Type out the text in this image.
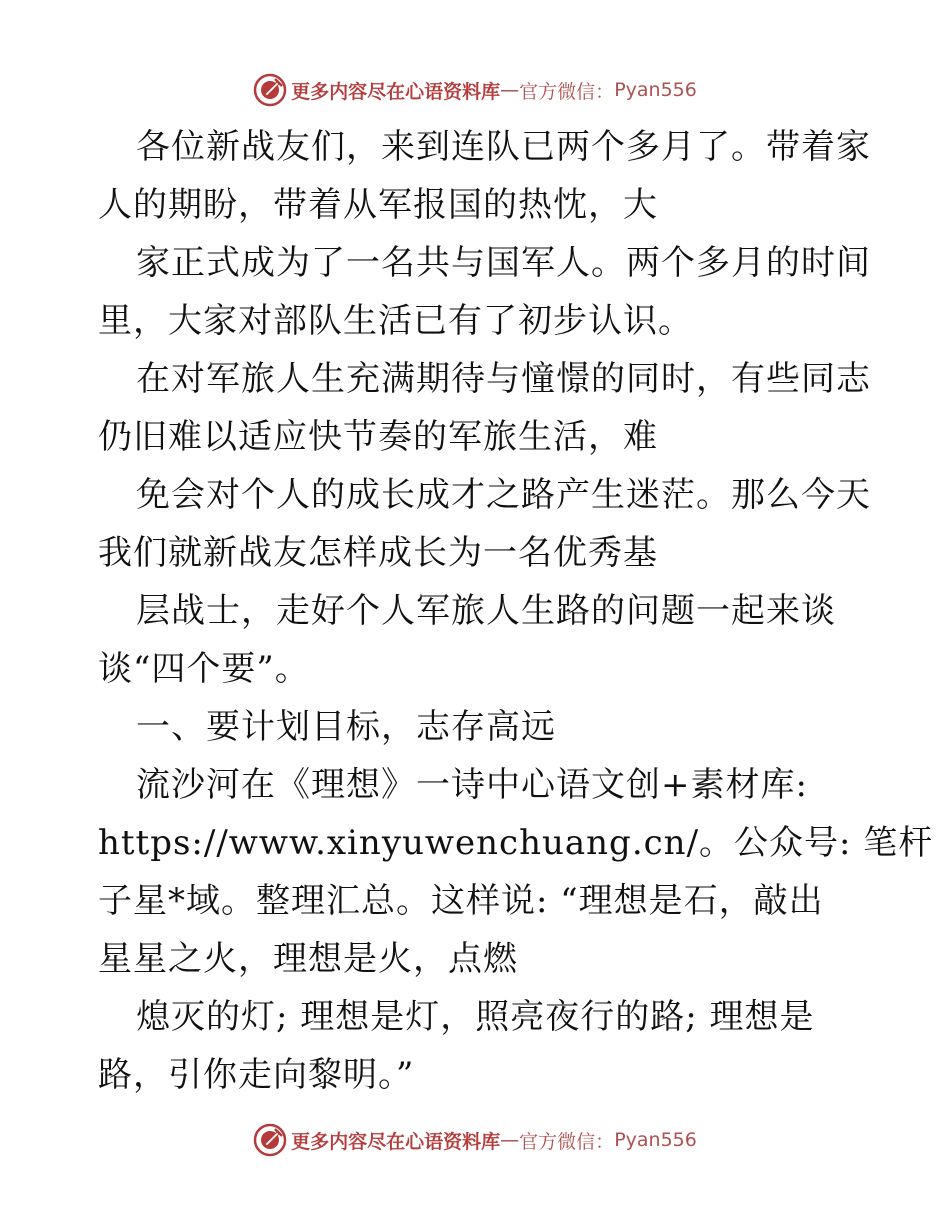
更多内容尽在心语资料库 — 官方微信： Pyan556

各位新战友们，来到连队已两个多月了。带着家

人的期盼，带着从军报国的热忱，大

家正式成为了一名共与国军人。两个多月的时间

里，大家对部队生活已有了初步认识。

在对军旅人生充满期待与憧憬的同时，有些同志

仍旧难以适应快节奏的军旅生活，难

免会对个人的成长成才之路产生迷茫。那么今天

我们就新战友怎样成长为一名优秀基

层战士，走好个人军旅人生路的问题一起来谈

谈“四个要”。

一、要计划目标，志存高远

流沙河在《理想》一诗中心语文创+素材库:

https://www.xinyuwenchuang.cn/。公众号: 笔杆

子星*域。整理汇总。这样说: “理想是石，敲出

星星之火，理想是火，点燃

熄灭的灯; 理想是灯，照亮夜行的路; 理想是

路，引你走向黎明。”

更多内容尽在心语资料库 — 官方微信： Pyan556
